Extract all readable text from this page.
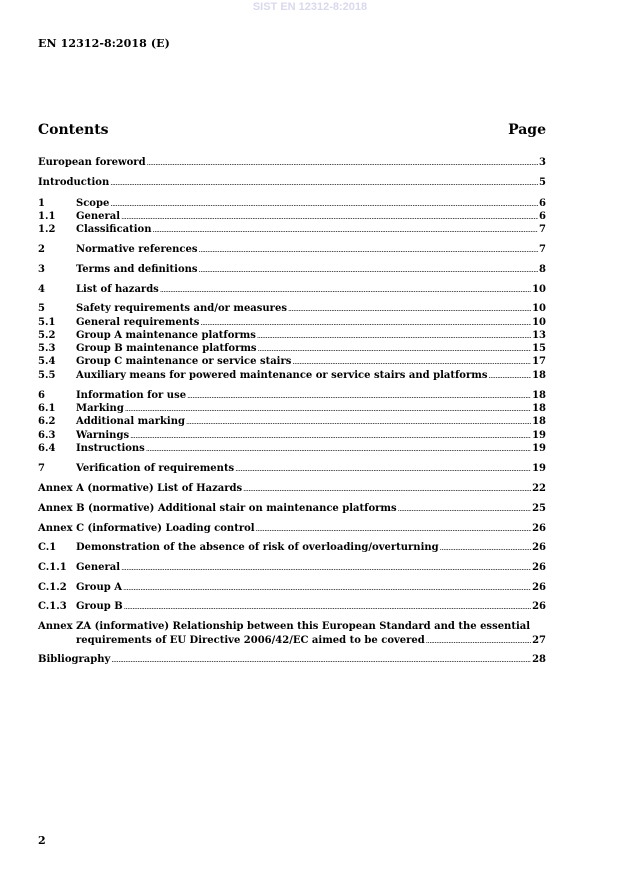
SIST EN 12312-8:2018
EN 12312-8:2018 (E)
Contents	Page
European foreword .....	3
Introduction .....	5
1	Scope .....	6
1.1	General .....	6
1.2	Classification .....	7
2	Normative references .....	7
3	Terms and definitions .....	8
4	List of hazards .....	10
5	Safety requirements and/or measures .....	10
5.1	General requirements .....	10
5.2	Group A maintenance platforms .....	13
5.3	Group B maintenance platforms .....	15
5.4	Group C maintenance or service stairs .....	17
5.5	Auxiliary means for powered maintenance or service stairs and platforms .....	18
6	Information for use .....	18
6.1	Marking .....	18
6.2	Additional marking .....	18
6.3	Warnings .....	19
6.4	Instructions .....	19
7	Verification of requirements .....	19
Annex A (normative) List of Hazards .....	22
Annex B (normative) Additional stair on maintenance platforms .....	25
Annex C (informative) Loading control .....	26
C.1	Demonstration of the absence of risk of overloading/overturning .....	26
C.1.1 General .....	26
C.1.2 Group A .....	26
C.1.3 Group B .....	26
Annex ZA (informative) Relationship between this European Standard and the essential
requirements of EU Directive 2006/42/EC aimed to be covered .....	27
Bibliography .....	28
2
